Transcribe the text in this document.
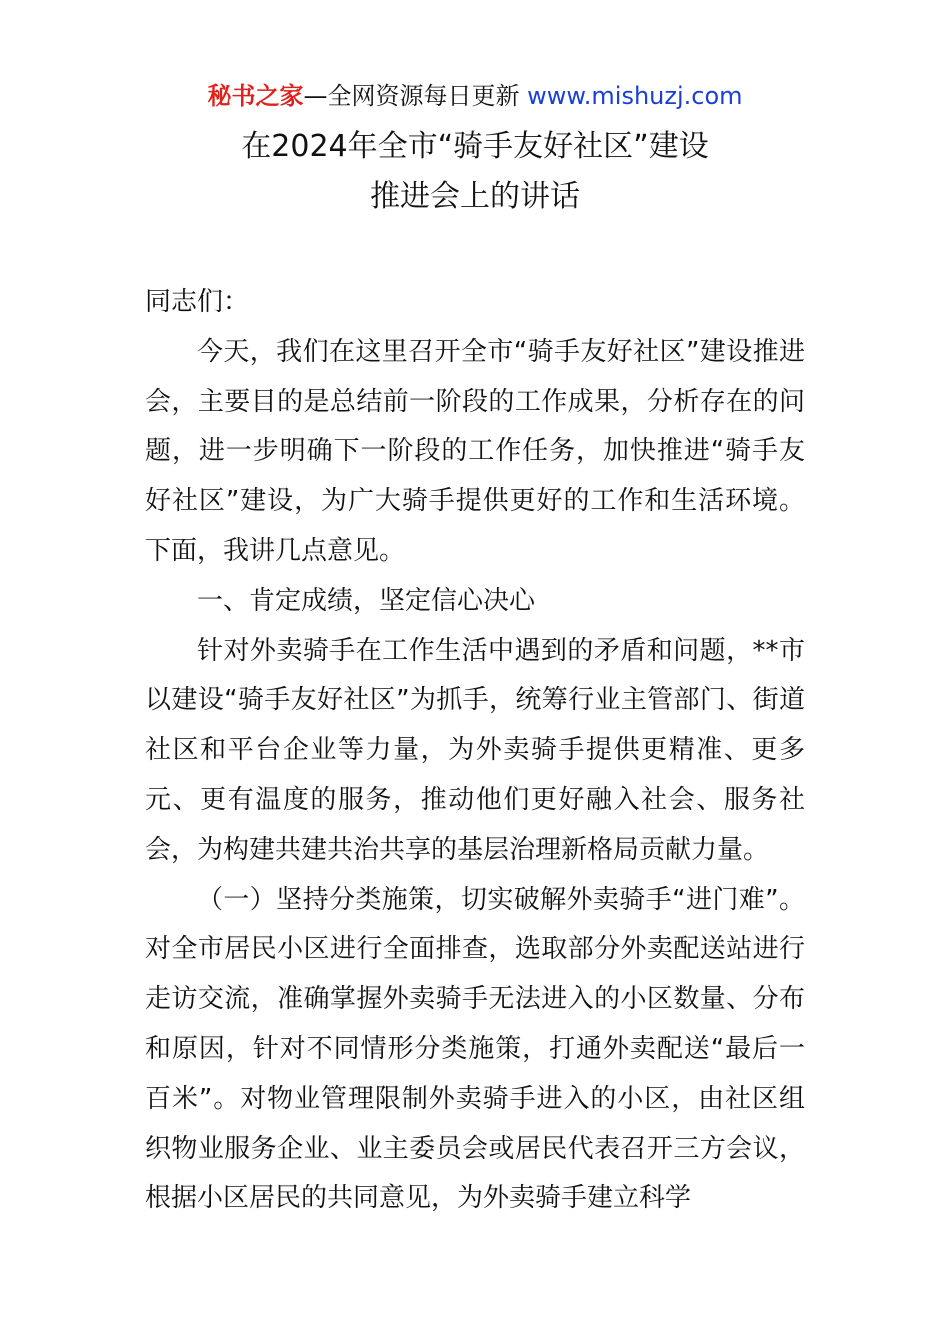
秘书之家—全网资源每日更新 www.mishuzj.com
在2024年全市“骑手友好社区”建设
推进会上的讲话

同志们：

今天，我们在这里召开全市“骑手友好社区”建设推进会，主要目的是总结前一阶段的工作成果，分析存在的问题，进一步明确下一阶段的工作任务，加快推进“骑手友好社区”建设，为广大骑手提供更好的工作和生活环境。下面，我讲几点意见。

一、肯定成绩，坚定信心决心

针对外卖骑手在工作生活中遇到的矛盾和问题，**市以建设“骑手友好社区”为抓手，统筹行业主管部门、街道社区和平台企业等力量，为外卖骑手提供更精准、更多元、更有温度的服务，推动他们更好融入社会、服务社会，为构建共建共治共享的基层治理新格局贡献力量。

（一）坚持分类施策，切实破解外卖骑手“进门难”。对全市居民小区进行全面排查，选取部分外卖配送站进行走访交流，准确掌握外卖骑手无法进入的小区数量、分布和原因，针对不同情形分类施策，打通外卖配送“最后一百米”。对物业管理限制外卖骑手进入的小区，由社区组织物业服务企业、业主委员会或居民代表召开三方会议，根据小区居民的共同意见，为外卖骑手建立科学
